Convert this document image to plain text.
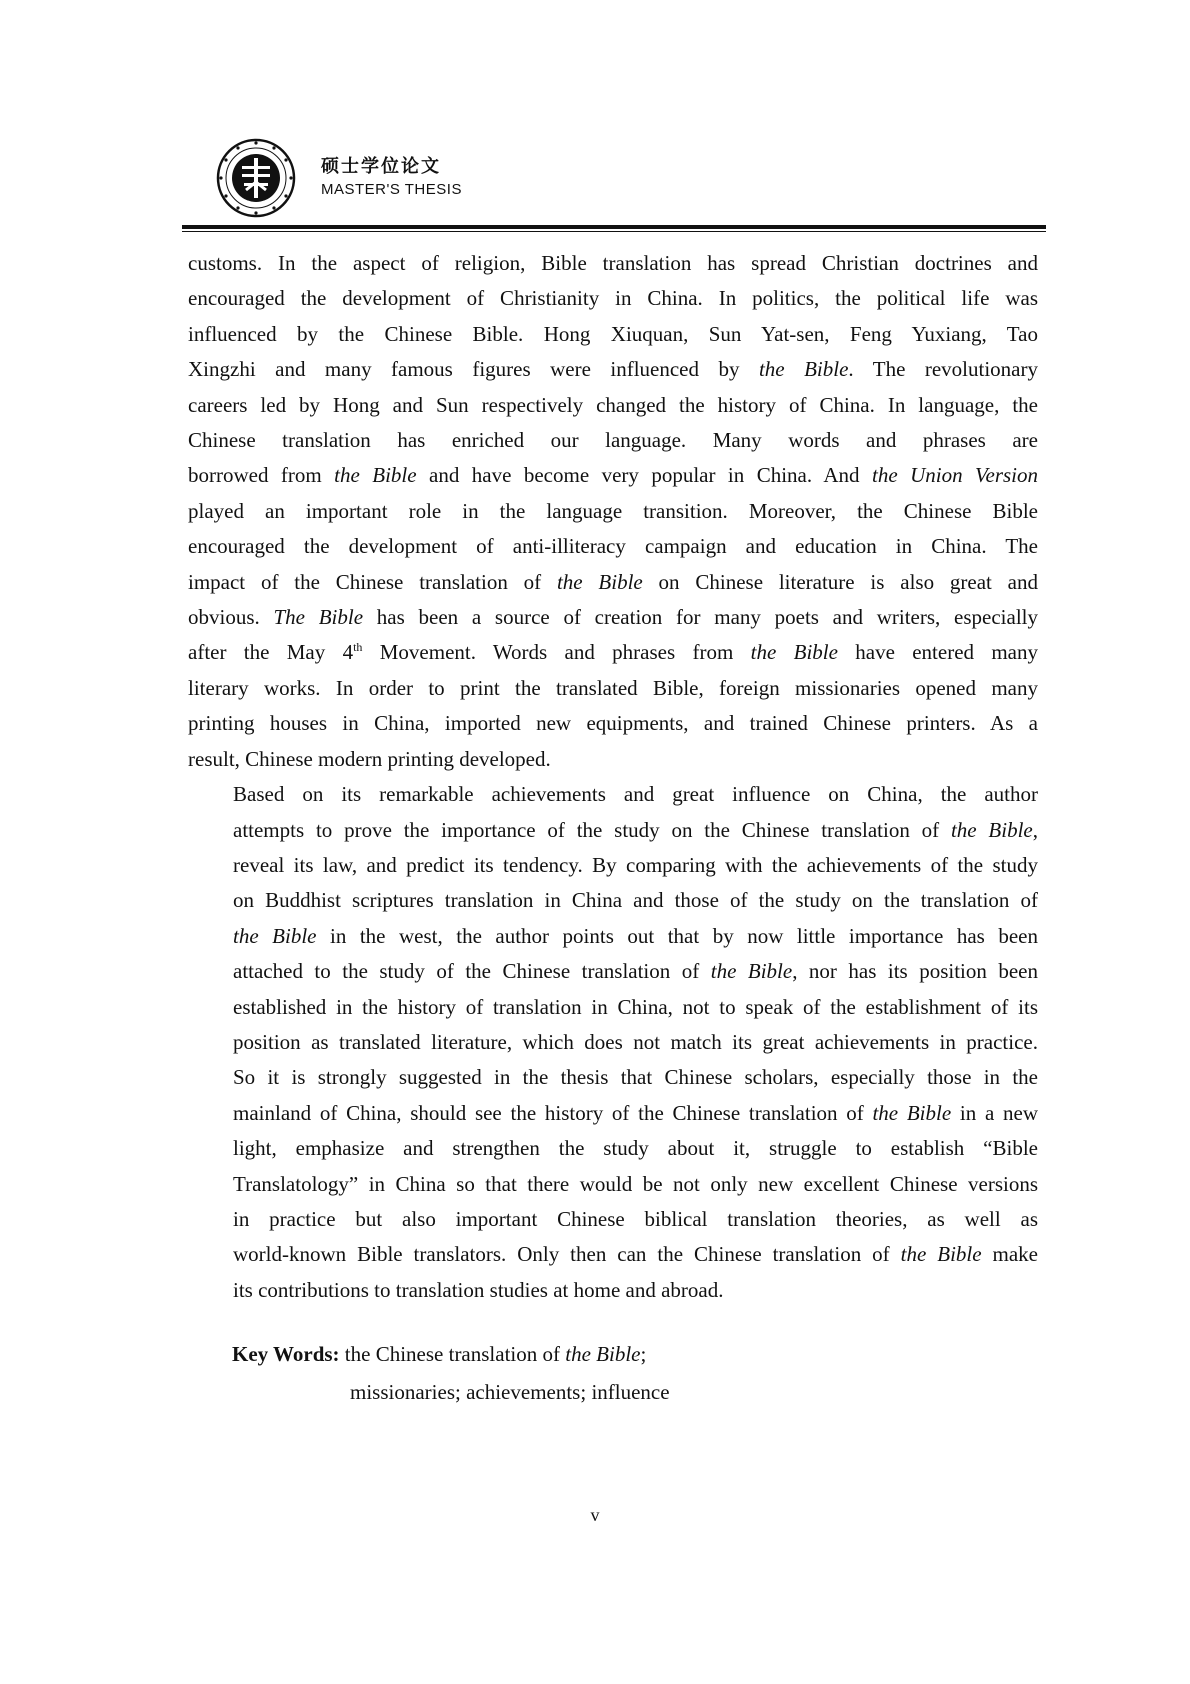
硕士学位论文
MASTER'S THESIS
customs. In the aspect of religion, Bible translation has spread Christian doctrines and
encouraged the development of Christianity in China. In politics, the political life was
influenced by the Chinese Bible. Hong Xiuquan, Sun Yat-sen, Feng Yuxiang, Tao
Xingzhi and many famous figures were influenced by the Bible. The revolutionary
careers led by Hong and Sun respectively changed the history of China. In language, the
Chinese translation has enriched our language. Many words and phrases are
borrowed from the Bible and have become very popular in China. And the Union Version
played an important role in the language transition. Moreover, the Chinese Bible
encouraged the development of anti-illiteracy campaign and education in China. The
impact of the Chinese translation of the Bible on Chinese literature is also great and
obvious. The Bible has been a source of creation for many poets and writers, especially
after the May 4th Movement. Words and phrases from the Bible have entered many
literary works. In order to print the translated Bible, foreign missionaries opened many
printing houses in China, imported new equipments, and trained Chinese printers. As a
result, Chinese modern printing developed.
Based on its remarkable achievements and great influence on China, the author
attempts to prove the importance of the study on the Chinese translation of the Bible,
reveal its law, and predict its tendency. By comparing with the achievements of the study
on Buddhist scriptures translation in China and those of the study on the translation of
the Bible in the west, the author points out that by now little importance has been
attached to the study of the Chinese translation of the Bible, nor has its position been
established in the history of translation in China, not to speak of the establishment of its
position as translated literature, which does not match its great achievements in practice.
So it is strongly suggested in the thesis that Chinese scholars, especially those in the
mainland of China, should see the history of the Chinese translation of the Bible in a new
light, emphasize and strengthen the study about it, struggle to establish “Bible
Translatology” in China so that there would be not only new excellent Chinese versions
in practice but also important Chinese biblical translation theories, as well as
world-known Bible translators. Only then can the Chinese translation of the Bible make
its contributions to translation studies at home and abroad.
Key Words: the Chinese translation of the Bible;
missionaries; achievements; influence
v
